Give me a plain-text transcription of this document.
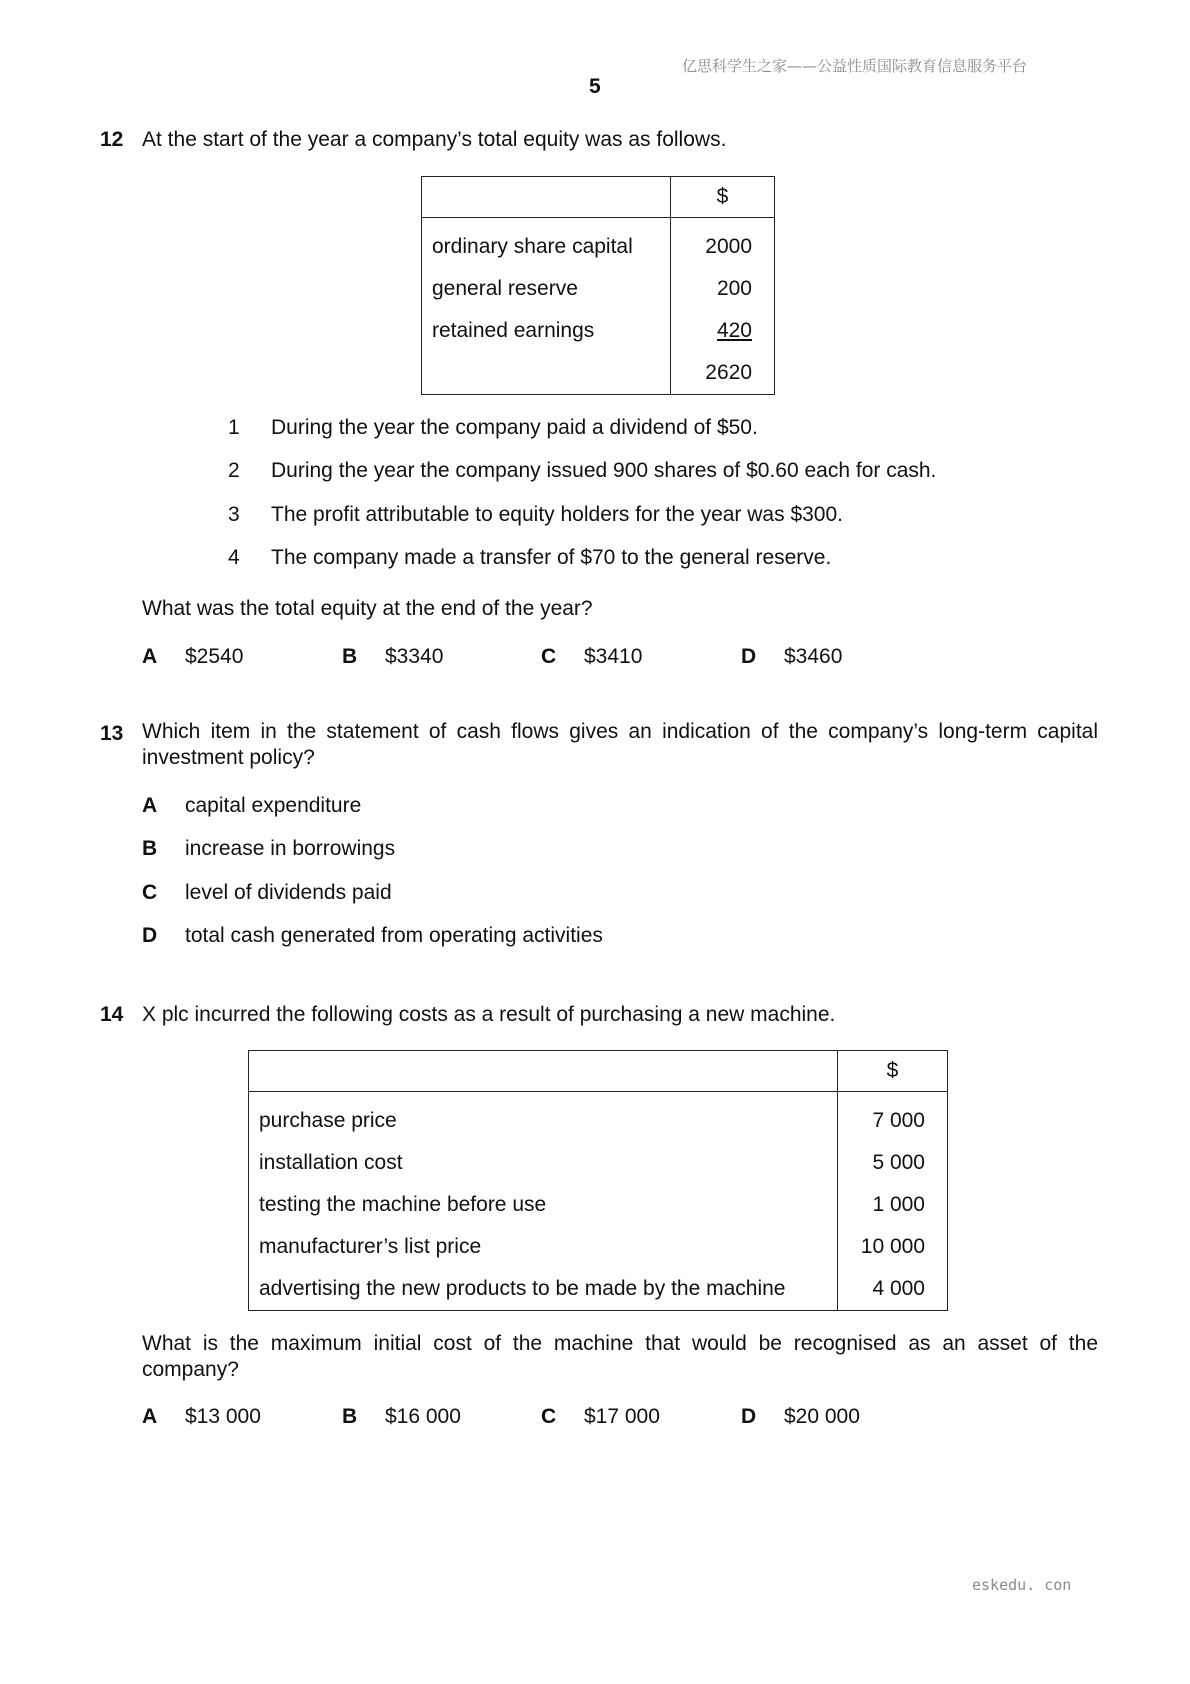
亿思科学生之家——公益性质国际教育信息服务平台
5
12 At the start of the year a company’s total equity was as follows.
	$
ordinary share capital	2000
general reserve	200
retained earnings	420
	2620
1 During the year the company paid a dividend of $50.
2 During the year the company issued 900 shares of $0.60 each for cash.
3 The profit attributable to equity holders for the year was $300.
4 The company made a transfer of $70 to the general reserve.
What was the total equity at the end of the year?
A $2540	B $3340	C $3410	D $3460
13 Which item in the statement of cash flows gives an indication of the company’s long-term capital investment policy?
A capital expenditure
B increase in borrowings
C level of dividends paid
D total cash generated from operating activities
14 X plc incurred the following costs as a result of purchasing a new machine.
	$
purchase price	7 000
installation cost	5 000
testing the machine before use	1 000
manufacturer’s list price	10 000
advertising the new products to be made by the machine	4 000
What is the maximum initial cost of the machine that would be recognised as an asset of the company?
A $13 000	B $16 000	C $17 000	D $20 000
eskedu. con
